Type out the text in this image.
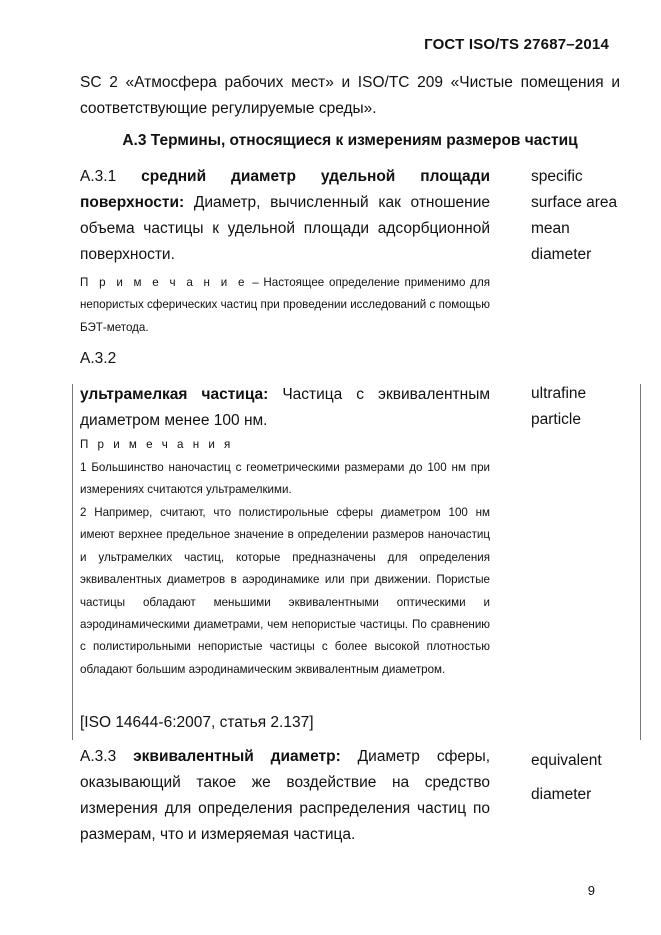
ГОСТ ISO/TS 27687–2014
SC 2 «Атмосфера рабочих мест» и ISO/TC 209 «Чистые помещения и соответствующие регулируемые среды».
А.3 Термины, относящиеся к измерениям размеров частиц
А.3.1 средний диаметр удельной площади поверхности: Диаметр, вычисленный как отношение объема частицы к удельной площади адсорбционной поверхности.
specific surface area mean diameter
П р и м е ч а н и е – Настоящее определение применимо для непористых сферических частиц при проведении исследований с помощью БЭТ-метода.
А.3.2
ультрамелкая частица: Частица с эквивалентным диаметром менее 100 нм.
ultrafine particle
П р и м е ч а н и я
1 Большинство наночастиц с геометрическими размерами до 100 нм при измерениях считаются ультрамелкими.
2 Например, считают, что полистирольные сферы диаметром 100 нм имеют верхнее предельное значение в определении размеров наночастиц и ультрамелких частиц, которые предназначены для определения эквивалентных диаметров в аэродинамике или при движении. Пористые частицы обладают меньшими эквивалентными оптическими и аэродинамическими диаметрами, чем непористые частицы. По сравнению с полистирольными непористые частицы с более высокой плотностью обладают большим аэродинамическим эквивалентным диаметром.
[ISO 14644-6:2007, статья 2.137]
А.3.3 эквивалентный диаметр: Диаметр сферы, оказывающий такое же воздействие на средство измерения для определения распределения частиц по размерам, что и измеряемая частица.
equivalent diameter
9
